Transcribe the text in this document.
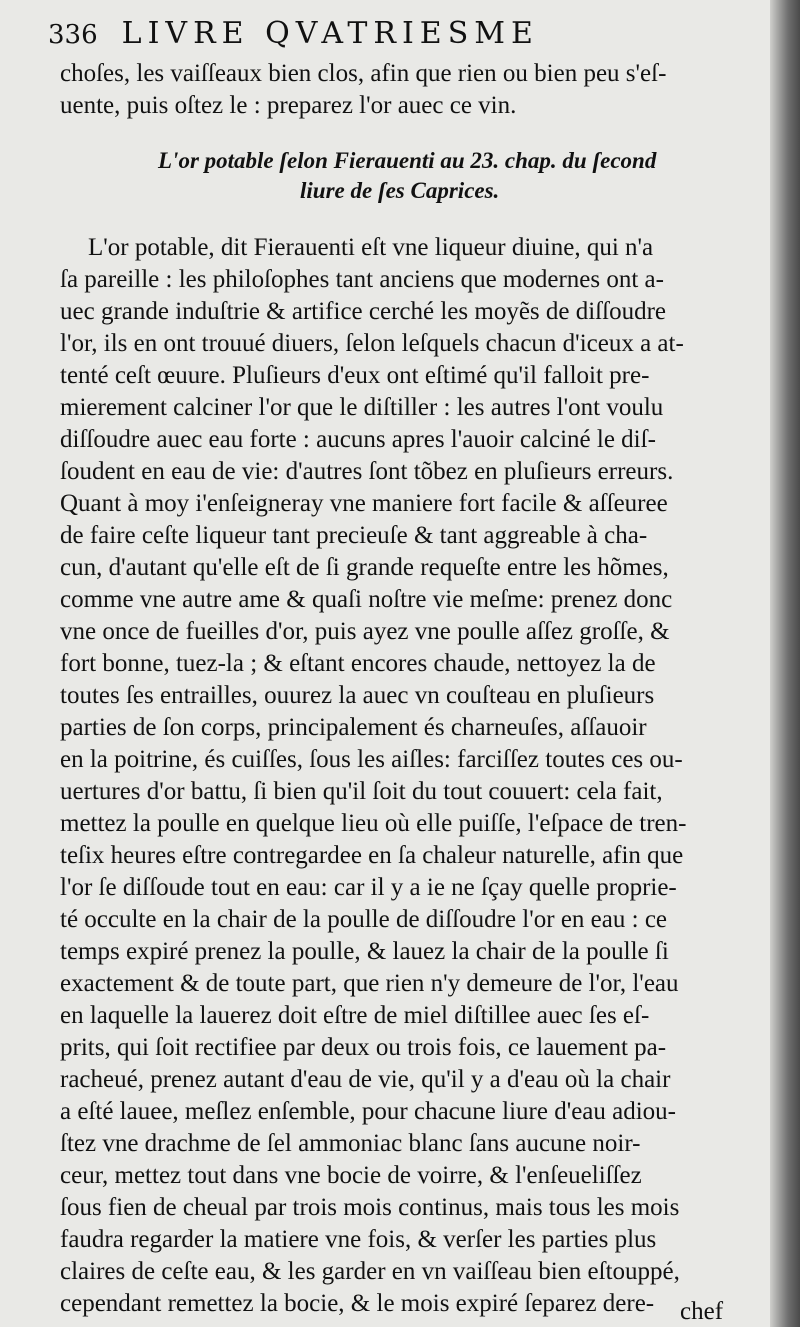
336 LIVRE QVATRIESME
choſes, les vaiſſeaux bien clos, afin que rien ou bien peu s'eſ-
uente, puis oſtez le : preparez l'or auec ce vin.
L'or potable ſelon Fierauenti au 23. chap. du ſecond
liure de ſes Caprices.
L'or potable, dit Fierauenti eſt vne liqueur diuine, qui n'a
ſa pareille : les philoſophes tant anciens que modernes ont a-
uec grande induſtrie & artifice cerché les moyẽs de diſſoudre
l'or, ils en ont trouué diuers, ſelon leſquels chacun d'iceux a at-
tenté ceſt œuure. Pluſieurs d'eux ont eſtimé qu'il falloit pre-
mierement calciner l'or que le diſtiller : les autres l'ont voulu
diſſoudre auec eau forte : aucuns apres l'auoir calciné le diſ-
ſoudent en eau de vie: d'autres ſont tõbez en pluſieurs erreurs.
Quant à moy i'enſeigneray vne maniere fort facile & aſſeuree
de faire ceſte liqueur tant precieuſe & tant aggreable à cha-
cun, d'autant qu'elle eſt de ſi grande requeſte entre les hõmes,
comme vne autre ame & quaſi noſtre vie meſme: prenez donc
vne once de fueilles d'or, puis ayez vne poulle aſſez groſſe, &
fort bonne, tuez-la ; & eſtant encores chaude, nettoyez la de
toutes ſes entrailles, ouurez la auec vn couſteau en pluſieurs
parties de ſon corps, principalement és charneuſes, aſſauoir
en la poitrine, és cuiſſes, ſous les aiſles: farciſſez toutes ces ou-
uertures d'or battu, ſi bien qu'il ſoit du tout couuert: cela fait,
mettez la poulle en quelque lieu où elle puiſſe, l'eſpace de tren-
teſix heures eſtre contregardee en ſa chaleur naturelle, afin que
l'or ſe diſſoude tout en eau: car il y a ie ne ſçay quelle proprie-
té occulte en la chair de la poulle de diſſoudre l'or en eau : ce
temps expiré prenez la poulle, & lauez la chair de la poulle ſi
exactement & de toute part, que rien n'y demeure de l'or, l'eau
en laquelle la lauerez doit eſtre de miel diſtillee auec ſes eſ-
prits, qui ſoit rectifiee par deux ou trois fois, ce lauement pa-
racheué, prenez autant d'eau de vie, qu'il y a d'eau où la chair
a eſté lauee, meſlez enſemble, pour chacune liure d'eau adiou-
ſtez vne drachme de ſel ammoniac blanc ſans aucune noir-
ceur, mettez tout dans vne bocie de voirre, & l'enſeueliſſez
ſous fien de cheual par trois mois continus, mais tous les mois
faudra regarder la matiere vne fois, & verſer les parties plus
claires de ceſte eau, & les garder en vn vaiſſeau bien eſtouppé,
cependant remettez la bocie, & le mois expiré ſeparez dere-	chef
